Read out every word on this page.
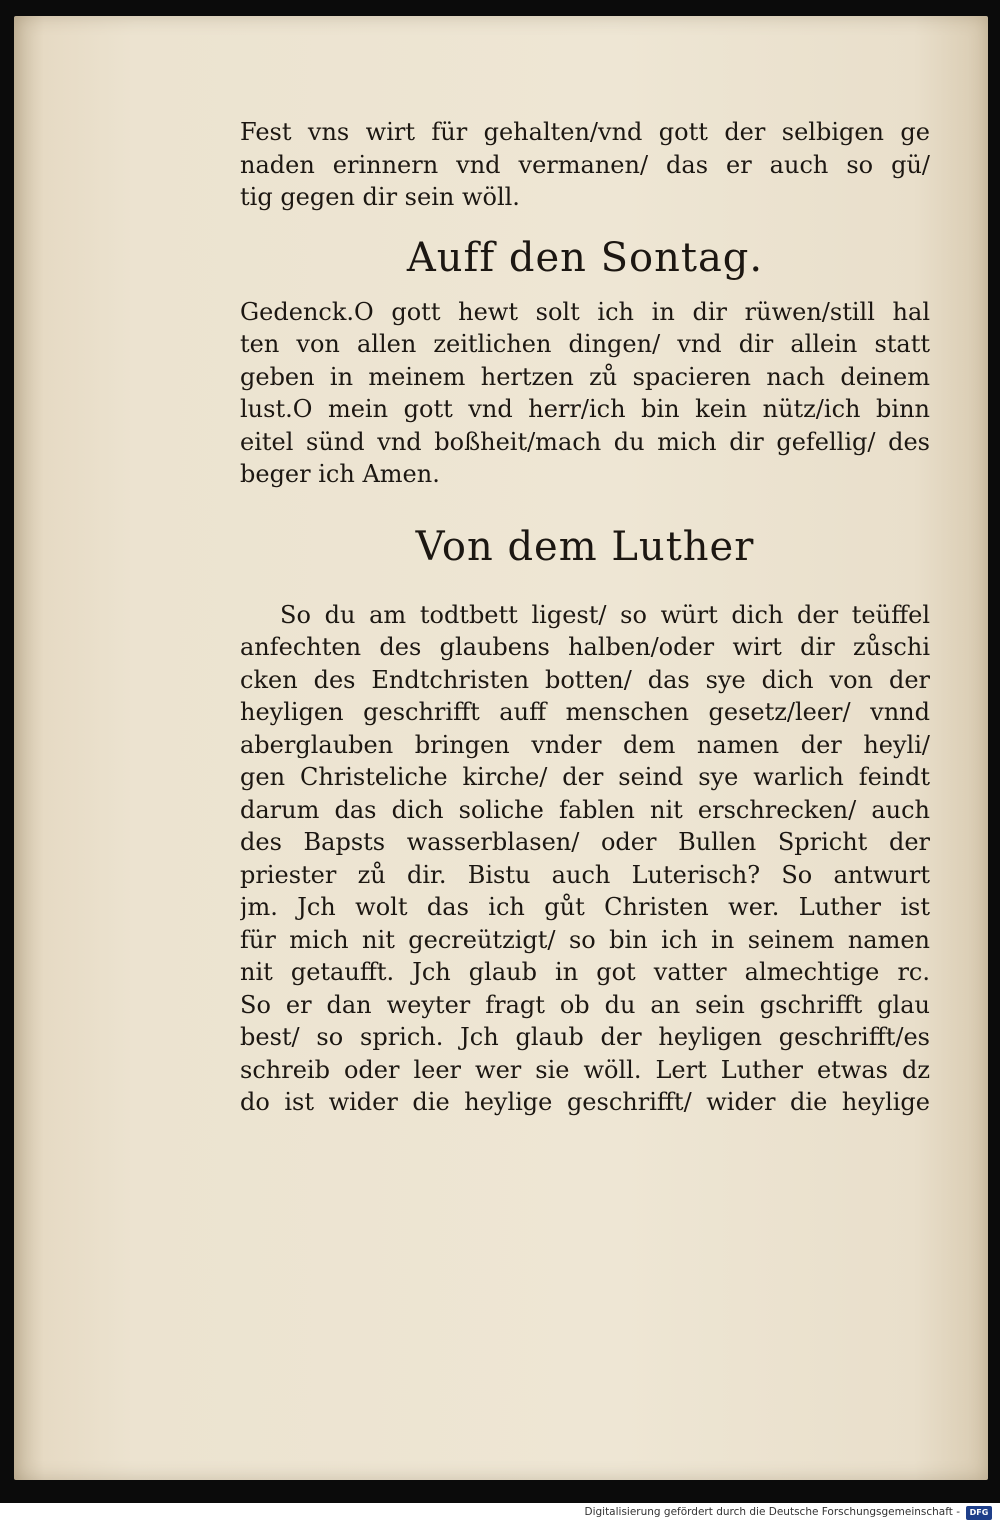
Fest vns wirt für gehalten/vnd gott der selbigen ge
naden erinnern vnd vermanen/ das er auch so gü/
tig gegen dir sein wöll.
Auff den Sontag.
Gedenck.O gott hewt solt ich in dir rüwen/still hal
ten von allen zeitlichen dingen/ vnd dir allein statt
geben in meinem hertzen zů spacieren nach deinem
lust.O mein gott vnd herr/ich bin kein nütz/ich binn
eitel sünd vnd boßheit/mach du mich dir gefellig/ des
beger ich Amen.
Von dem Luther
So du am todtbett ligest/ so würt dich der teüffel
anfechten des glaubens halben/oder wirt dir zůschi
cken des Endtchristen botten/ das sye dich von der
heyligen geschrifft auff menschen gesetz/leer/ vnnd
aberglauben bringen vnder dem namen der heyli/
gen Christeliche kirche/ der seind sye warlich feindt
darum das dich soliche fablen nit erschrecken/ auch
des Bapsts wasserblasen/ oder Bullen Spricht der
priester zů dir. Bistu auch Luterisch? So antwurt
jm. Jch wolt das ich gůt Christen wer. Luther ist
für mich nit gecreützigt/ so bin ich in seinem namen
nit getaufft. Jch glaub in got vatter almechtige rc.
So er dan weyter fragt ob du an sein gschrifft glau
best/ so sprich. Jch glaub der heyligen geschrifft/es
schreib oder leer wer sie wöll. Lert Luther etwas dz
do ist wider die heylige geschrifft/ wider die heylige
Digitalisierung gefördert durch die Deutsche Forschungsgemeinschaft -	DFG
